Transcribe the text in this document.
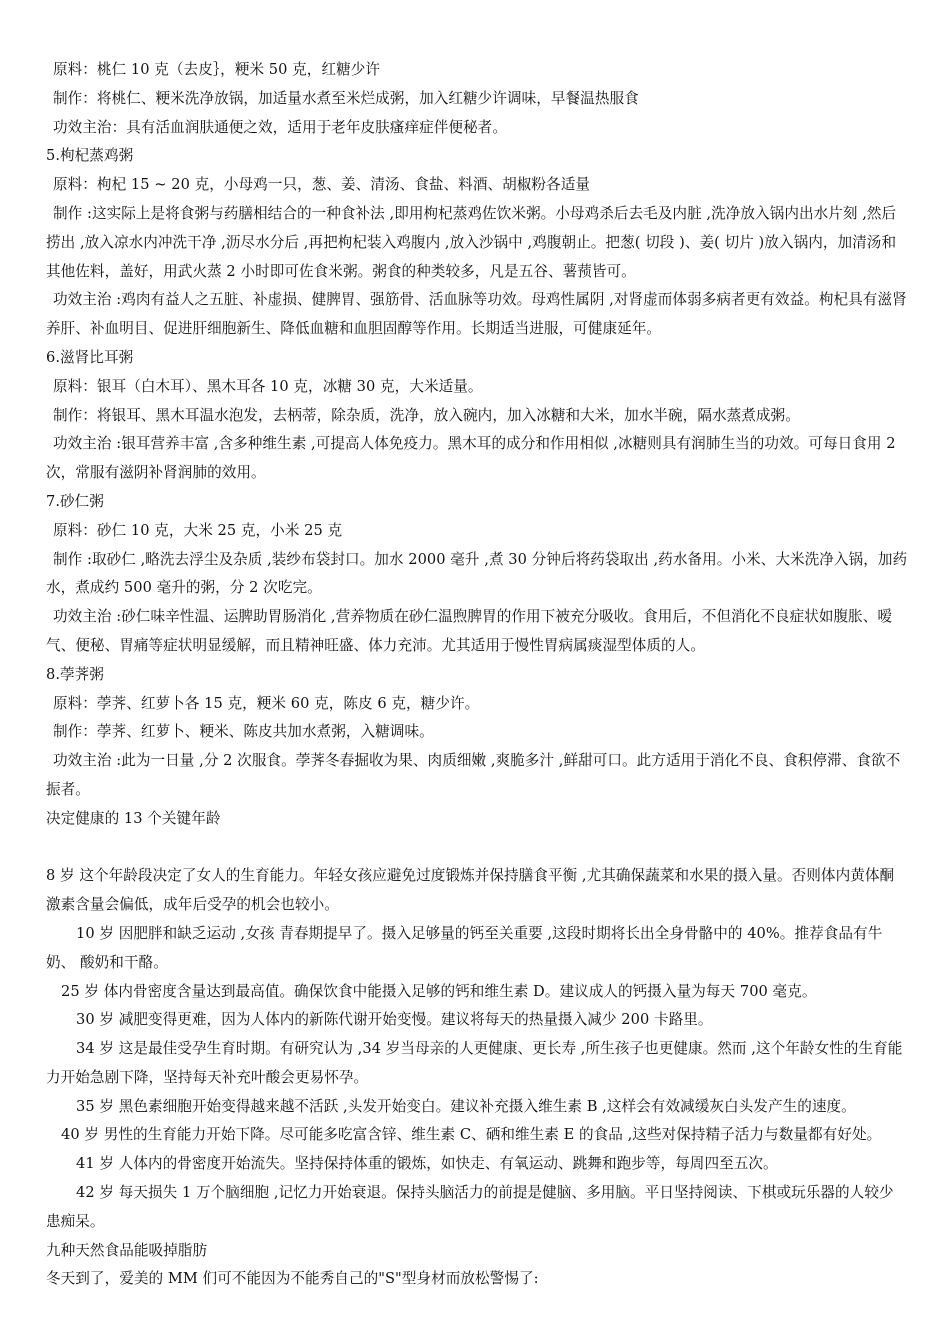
原料：桃仁 10 克（去皮｝，粳米 50 克，红糖少许

制作：将桃仁、粳米洗净放锅，加适量水煮至米烂成粥，加入红糖少许调味，早餐温热服食

功效主治：具有活血润肤通便之效，适用于老年皮肤瘙痒症伴便秘者。

5.枸杞蒸鸡粥

原料：枸杞 15 ~ 20 克，小母鸡一只，葱、姜、清汤、食盐、料酒、胡椒粉各适量

制作 :这实际上是将食粥与药膳相结合的一种食补法 ,即用枸杞蒸鸡佐饮米粥。小母鸡杀后去毛及内脏 ,洗净放入锅内出水片刻 ,然后捞出 ,放入凉水内冲洗干净 ,沥尽水分后 ,再把枸杞装入鸡腹内 ,放入沙锅中 ,鸡腹朝止。把葱( 切段 )、姜( 切片 )放入锅内，加清汤和其他佐料，盖好，用武火蒸 2 小时即可佐食米粥。粥食的种类较多，凡是五谷、薯蓣皆可。

功效主治 :鸡肉有益人之五脏、补虚损、健脾胃、强筋骨、活血脉等功效。母鸡性属阴 ,对肾虚而体弱多病者更有效益。枸杞具有滋肾养肝、补血明目、促进肝细胞新生、降低血糖和血胆固醇等作用。长期适当进服，可健康延年。

6.滋肾比耳粥

原料：银耳（白木耳）、黑木耳各 10 克，冰糖 30 克，大米适量。

制作：将银耳、黑木耳温水泡发，去柄蒂，除杂质，洗净，放入碗内，加入冰糖和大米，加水半碗，隔水蒸煮成粥。

功效主治 :银耳营养丰富 ,含多种维生素 ,可提高人体免疫力。黑木耳的成分和作用相似 ,冰糖则具有润肺生当的功效。可每日食用 2 次，常服有滋阴补肾润肺的效用。

7.砂仁粥

原料：砂仁 10 克，大米 25 克，小米 25 克

制作 :取砂仁 ,略洗去浮尘及杂质 ,装纱布袋封口。加水 2000 毫升 ,煮 30 分钟后将药袋取出 ,药水备用。小米、大米洗净入锅，加药水，煮成约 500 毫升的粥，分 2 次吃完。

功效主治 :砂仁味辛性温、运脾助胃肠消化 ,营养物质在砂仁温煦脾胃的作用下被充分吸收。食用后，不但消化不良症状如腹胀、嗳气、便秘、胃痛等症状明显缓解，而且精神旺盛、体力充沛。尤其适用于慢性胃病属痰湿型体质的人。

8.荸荠粥

原料：荸荠、红萝卜各 15 克，粳米 60 克，陈皮 6 克，糖少许。

制作：荸荠、红萝卜、粳米、陈皮共加水煮粥，入糖调味。

功效主治 :此为一日量 ,分 2 次服食。荸荠冬春掘收为果、肉质细嫩 ,爽脆多汁 ,鲜甜可口。此方适用于消化不良、食积停滞、食欲不振者。

决定健康的 13 个关键年龄

8 岁 这个年龄段决定了女人的生育能力。年轻女孩应避免过度锻炼并保持膳食平衡 ,尤其确保蔬菜和水果的摄入量。否则体内黄体酮激素含量会偏低，成年后受孕的机会也较小。

10 岁 因肥胖和缺乏运动 ,女孩 青春期提早了。摄入足够量的钙至关重要 ,这段时期将长出全身骨骼中的 40%。推荐食品有牛奶、 酸奶和干酪。

25 岁 体内骨密度含量达到最高值。确保饮食中能摄入足够的钙和维生素 D。建议成人的钙摄入量为每天 700 毫克。

30 岁 减肥变得更难，因为人体内的新陈代谢开始变慢。建议将每天的热量摄入减少 200 卡路里。

34 岁 这是最佳受孕生育时期。有研究认为 ,34 岁当母亲的人更健康、更长寿 ,所生孩子也更健康。然而 ,这个年龄女性的生育能力开始急剧下降，坚持每天补充叶酸会更易怀孕。

35 岁 黑色素细胞开始变得越来越不活跃 ,头发开始变白。建议补充摄入维生素 B ,这样会有效减缓灰白头发产生的速度。

40 岁 男性的生育能力开始下降。尽可能多吃富含锌、维生素 C、硒和维生素 E 的食品 ,这些对保持精子活力与数量都有好处。

41 岁 人体内的骨密度开始流失。坚持保持体重的锻炼，如快走、有氧运动、跳舞和跑步等，每周四至五次。

42 岁 每天损失 1 万个脑细胞 ,记忆力开始衰退。保持头脑活力的前提是健脑、多用脑。平日坚持阅读、下棋或玩乐器的人较少患痴呆。

九种天然食品能吸掉脂肪

冬天到了，爱美的 MM 们可不能因为不能秀自己的"S"型身材而放松警惕了:
